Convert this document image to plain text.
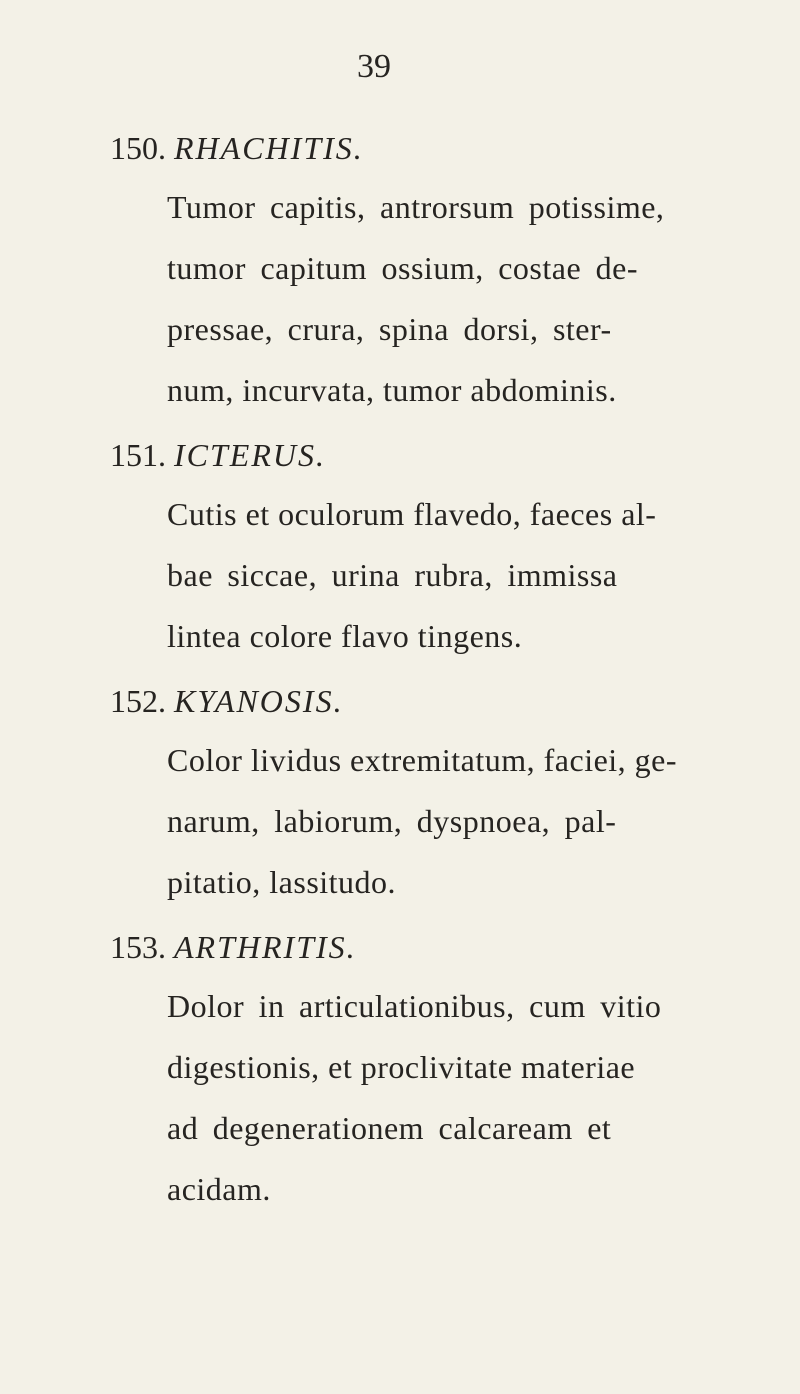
39
150. RHACHITIS.
Tumor capitis, antrorsum potissime,
tumor capitum ossium, costae de-
pressae, crura, spina dorsi, ster-
num, incurvata, tumor abdominis.
151. ICTERUS.
Cutis et oculorum flavedo, faeces al-
bae siccae, urina rubra, immissa
lintea colore flavo tingens.
152. KYANOSIS.
Color lividus extremitatum, faciei, ge-
narum, labiorum, dyspnoea, pal-
pitatio, lassitudo.
153. ARTHRITIS.
Dolor in articulationibus, cum vitio
digestionis, et proclivitate materiae
ad degenerationem calcaream et
acidam.
